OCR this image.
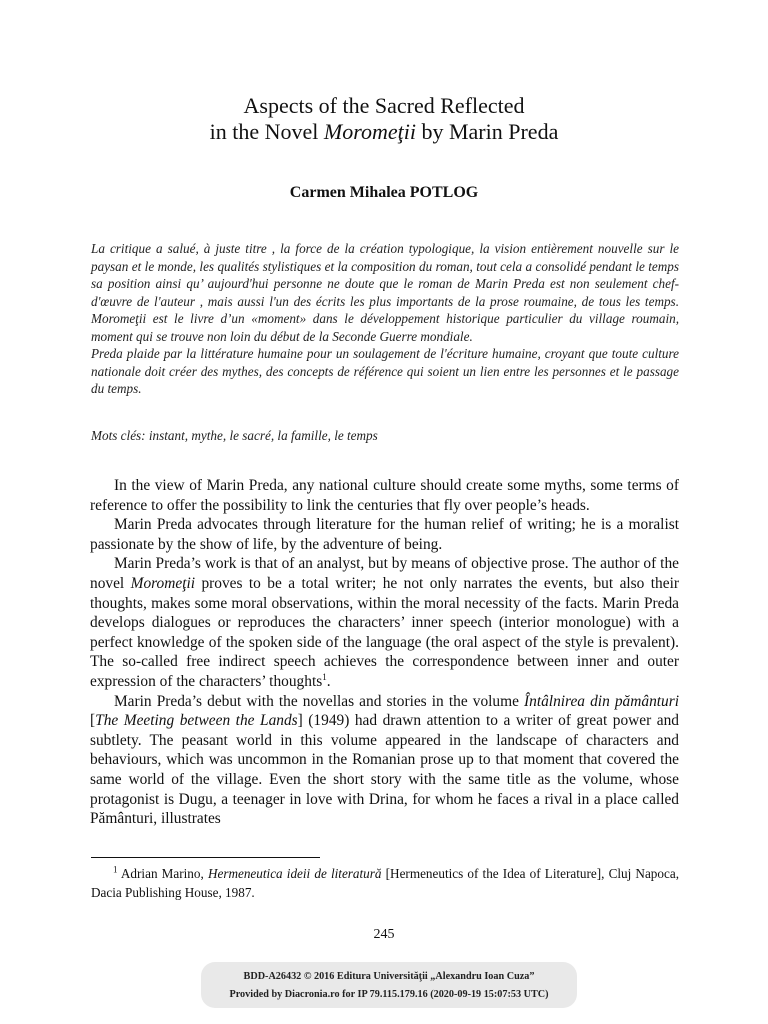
Aspects of the Sacred Reflected
in the Novel Moromeţii by Marin Preda
Carmen Mihalea POTLOG

La critique a salué, à juste titre , la force de la création typologique, la vision entièrement nouvelle sur le paysan et le monde, les qualités stylistiques et la composition du roman, tout cela a consolidé pendant le temps sa position ainsi qu’ aujourd'hui personne ne doute que le roman de Marin Preda est non seulement chef-d'œuvre de l'auteur , mais aussi l'un des écrits les plus importants de la prose roumaine, de tous les temps. Moromeţii est le livre d’un «moment» dans le développement historique particulier du village roumain, moment qui se trouve non loin du début de la Seconde Guerre mondiale.

Preda plaide par la littérature humaine pour un soulagement de l'écriture humaine, croyant que toute culture nationale doit créer des mythes, des concepts de référence qui soient un lien entre les personnes et le passage du temps.

Mots clés: instant, mythe, le sacré, la famille, le temps

In the view of Marin Preda, any national culture should create some myths, some terms of reference to offer the possibility to link the centuries that fly over people’s heads.

Marin Preda advocates through literature for the human relief of writing; he is a moralist passionate by the show of life, by the adventure of being.

Marin Preda’s work is that of an analyst, but by means of objective prose. The author of the novel Moromeţii proves to be a total writer; he not only narrates the events, but also their thoughts, makes some moral observations, within the moral necessity of the facts. Marin Preda develops dialogues or reproduces the characters’ inner speech (interior monologue) with a perfect knowledge of the spoken side of the language (the oral aspect of the style is prevalent). The so-called free indirect speech achieves the correspondence between inner and outer expression of the characters’ thoughts$^1$.

Marin Preda’s debut with the novellas and stories in the volume Întâlnirea din pământuri [The Meeting between the Lands] (1949) had drawn attention to a writer of great power and subtlety. The peasant world in this volume appeared in the landscape of characters and behaviours, which was uncommon in the Romanian prose up to that moment that covered the same world of the village. Even the short story with the same title as the volume, whose protagonist is Dugu, a teenager in love with Drina, for whom he faces a rival in a place called Pământuri, illustrates

$^1$ Adrian Marino, Hermeneutica ideii de literatură [Hermeneutics of the Idea of Literature], Cluj Napoca, Dacia Publishing House, 1987.
245
BDD-A26432 © 2016 Editura Universităţii „Alexandru Ioan Cuza”
Provided by Diacronia.ro for IP 79.115.179.16 (2020-09-19 15:07:53 UTC)
